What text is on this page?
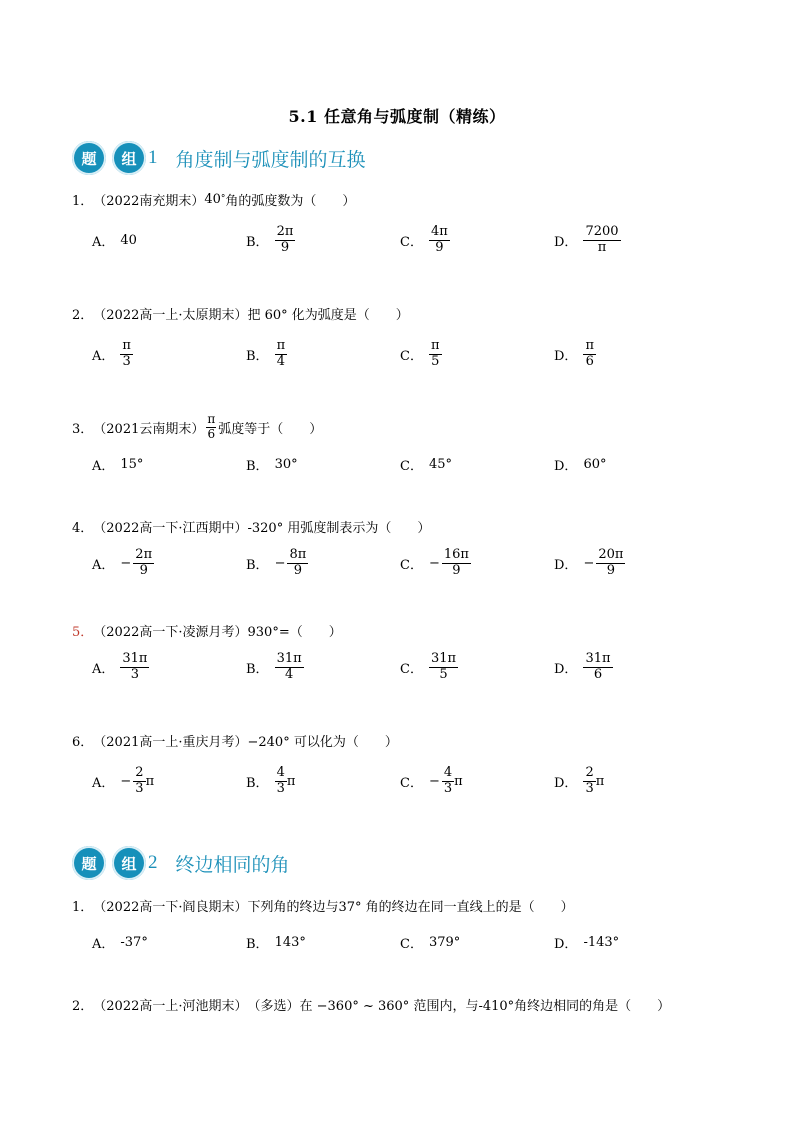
5.1 任意角与弧度制（精练）
题	组 1 角度制与弧度制的互换
1． （2022南充期末） 40 ° 角的弧度数为（　　）
A． 40	B． $\frac{2\pi}{9}$	C． $\frac{4\pi}{9}$	D． $\frac{7200}{\pi}$
2． （2022高一上·太原期末） 把 60° 化为弧度是（　　）
A． $\frac{\pi}{3}$	B． $\frac{\pi}{4}$	C． $\frac{\pi}{5}$	D． $\frac{\pi}{6}$
3． （2021云南期末） $\frac{\pi}{6}$ 弧度等于（　　）
A． 15°	B． 30°	C． 45°	D． 60°
4． （2022高一下·江西期中） -320° 用弧度制表示为（　　）
A． − $\frac{2\pi}{9}$	B． − $\frac{8\pi}{9}$	C． − $\frac{16\pi}{9}$	D． − $\frac{20\pi}{9}$
5． （2022高一下·凌源月考） 930°=（　　）
A． $\frac{31\pi}{3}$	B． $\frac{31\pi}{4}$	C． $\frac{31\pi}{5}$	D． $\frac{31\pi}{6}$
6． （2021高一上·重庆月考） −240° 可以化为（　　）
A． − $\frac{2}{3}$ π	B． $\frac{4}{3}$ π	C． − $\frac{4}{3}$ π	D． $\frac{2}{3}$ π
题	组 2 终边相同的角
1． （2022高一下·阎良期末） 下列角的终边与37° 角的终边在同一直线上的是（　　）
A． -37°	B． 143°	C． 379°	D． -143°
2． （2022高一上·河池期末） （多选）在 −360° ~ 360° 范围内，与-410°角终边相同的角是（　　）
